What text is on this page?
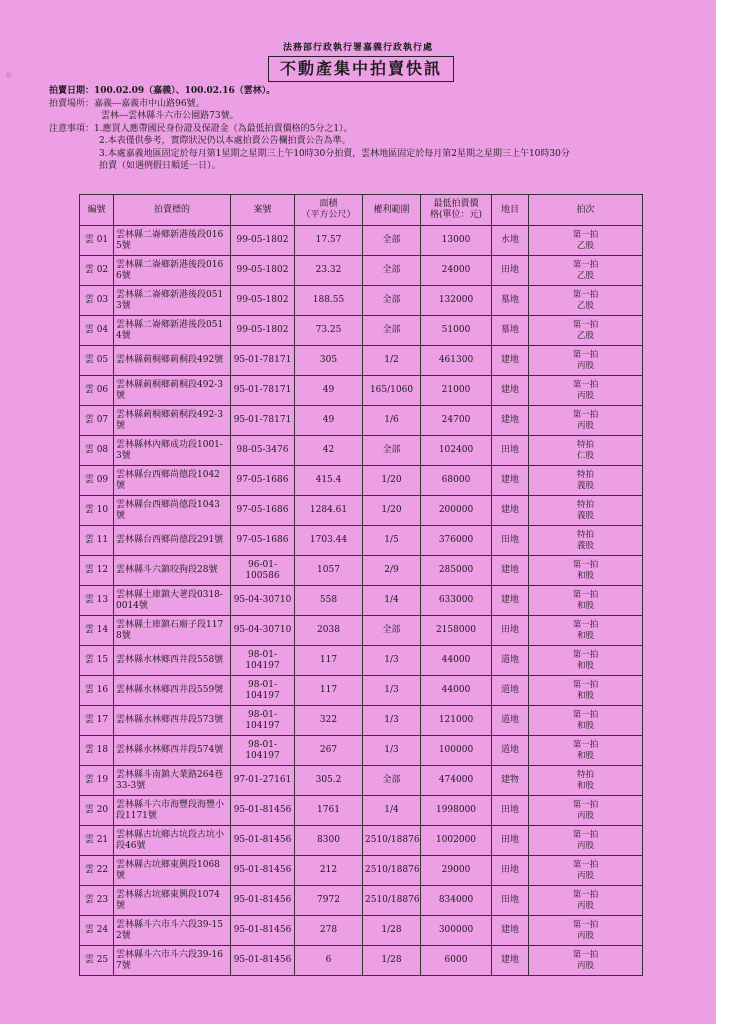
法務部行政執行署嘉義行政執行處
不動產集中拍賣快訊
拍賣日期：100.02.09（嘉義）、100.02.16（雲林）。
拍賣場所：嘉義---嘉義市中山路96號。
雲林---雲林縣斗六市公園路73號。
注意事項：1.應買人應帶國民身份證及保證金（為最低拍賣價格的5分之1）。
2.本表僅供參考，實際狀況仍以本處拍賣公告欄拍賣公告為準。
3.本處嘉義地區固定於每月第1星期之星期三上午10時30分拍賣，雲林地區固定於每月第2星期之星期三上午10時30分
拍賣（如遇例假日順延一日）。
編號	拍賣標的	案號	面積
（平方公尺）	權利範圍	最低拍賣價
格(單位：元)	地目	拍次
雲 01	雲林縣二崙鄉新港後段0165號	99-05-1802	17.57	全部	13000	水地	第一拍
乙股
雲 02	雲林縣二崙鄉新港後段0166號	99-05-1802	23.32	全部	24000	田地	第一拍
乙股
雲 03	雲林縣二崙鄉新港後段0513號	99-05-1802	188.55	全部	132000	墓地	第一拍
乙股
雲 04	雲林縣二崙鄉新港後段0514號	99-05-1802	73.25	全部	51000	墓地	第一拍
乙股
雲 05	雲林縣莿桐鄉莿桐段492號	95-01-78171	305	1/2	461300	建地	第一拍
丙股
雲 06	雲林縣莿桐鄉莿桐段492-3號	95-01-78171	49	165/1060	21000	建地	第一拍
丙股
雲 07	雲林縣莿桐鄉莿桐段492-3號	95-01-78171	49	1/6	24700	建地	第一拍
丙股
雲 08	雲林縣林內鄉成功段1001-3號	98-05-3476	42	全部	102400	田地	特拍
仁股
雲 09	雲林縣台西鄉尚德段1042號	97-05-1686	415.4	1/20	68000	建地	特拍
義股
雲 10	雲林縣台西鄉尚德段1043號	97-05-1686	1284.61	1/20	200000	建地	特拍
義股
雲 11	雲林縣台西鄉尚德段291號	97-05-1686	1703.44	1/5	376000	田地	特拍
義股
雲 12	雲林縣斗六鎮咬狗段28號	96-01-100586	1057	2/9	285000	建地	第一拍
和股
雲 13	雲林縣土庫鎮大荖段0318-0014號	95-04-30710	558	1/4	633000	建地	第一拍
和股
雲 14	雲林縣土庫鎮石廟子段1178號	95-04-30710	2038	全部	2158000	田地	第一拍
和股
雲 15	雲林縣水林鄉西井段558號	98-01-104197	117	1/3	44000	道地	第一拍
和股
雲 16	雲林縣水林鄉西井段559號	98-01-104197	117	1/3	44000	道地	第一拍
和股
雲 17	雲林縣水林鄉西井段573號	98-01-104197	322	1/3	121000	道地	第一拍
和股
雲 18	雲林縣水林鄉西井段574號	98-01-104197	267	1/3	100000	道地	第一拍
和股
雲 19	雲林縣斗南鎮大業路264巷33-3號	97-01-27161	305.2	全部	474000	建物	特拍
和股
雲 20	雲林縣斗六市海豐段海豐小段1171號	95-01-81456	1761	1/4	1998000	田地	第一拍
丙股
雲 21	雲林縣古坑鄉古坑段古坑小段46號	95-01-81456	8300	2510/18876	1002000	田地	第一拍
丙股
雲 22	雲林縣古坑鄉東興段1068號	95-01-81456	212	2510/18876	29000	田地	第一拍
丙股
雲 23	雲林縣古坑鄉東興段1074號	95-01-81456	7972	2510/18876	834000	田地	第一拍
丙股
雲 24	雲林縣斗六市斗六段39-152號	95-01-81456	278	1/28	300000	建地	第一拍
丙股
雲 25	雲林縣斗六市斗六段39-167號	95-01-81456	6	1/28	6000	建地	第一拍
丙股
